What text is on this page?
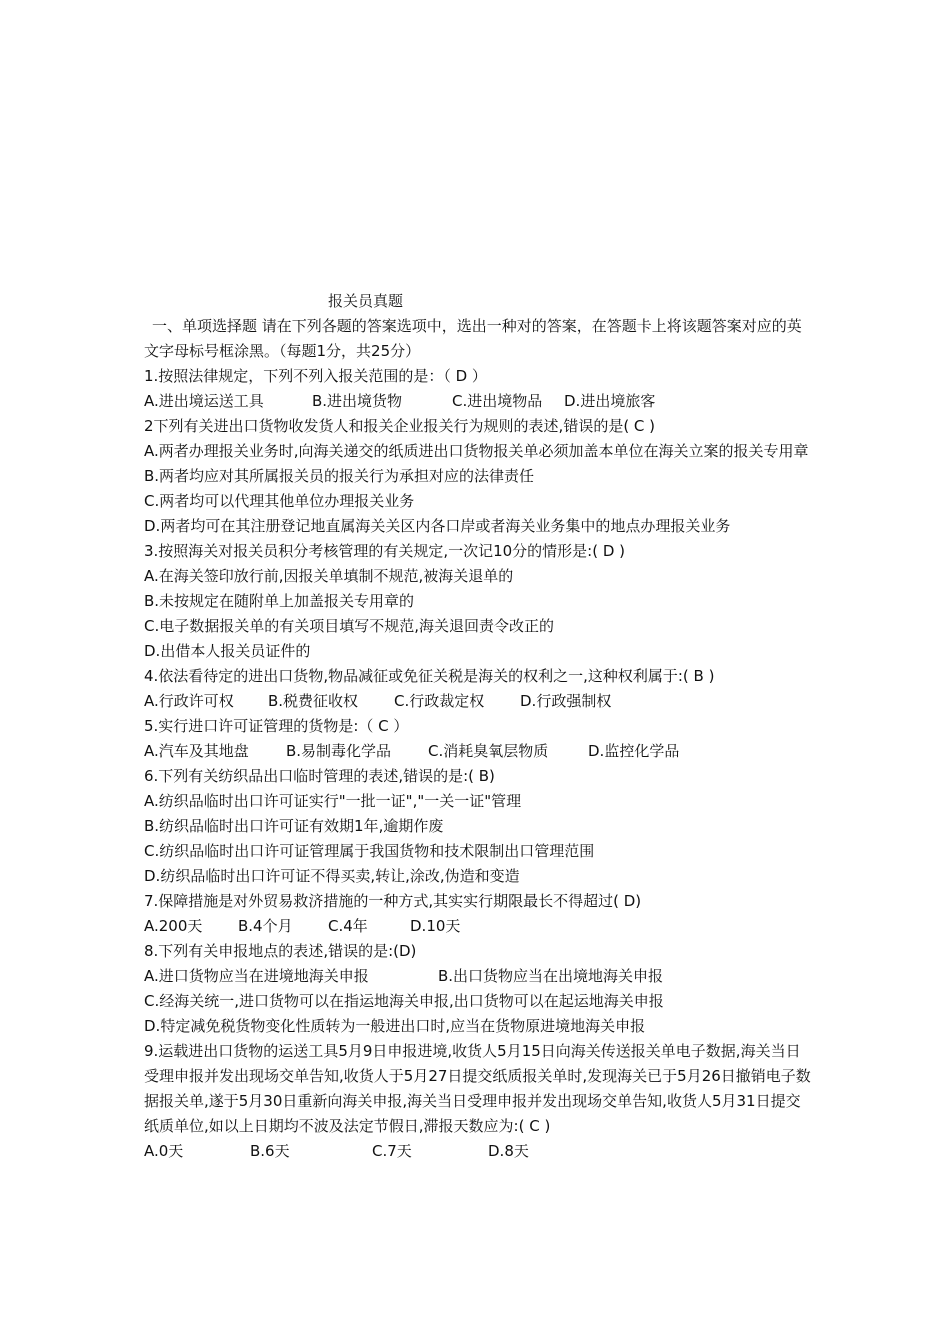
报关员真题

一、单项选择题 请在下列各题的答案选项中，选出一种对的答案，在答题卡上将该题答案对应的英文字母标号框涂黑。（每题1分，共25分）

1.按照法律规定，下列不列入报关范围的是：（ D ）

A.进出境运送工具	B.进出境货物	C.进出境物品	D.进出境旅客

2下列有关进出口货物收发货人和报关企业报关行为规则的表述,错误的是( C )

A.两者办理报关业务时,向海关递交的纸质进出口货物报关单必须加盖本单位在海关立案的报关专用章

B.两者均应对其所属报关员的报关行为承担对应的法律责任

C.两者均可以代理其他单位办理报关业务

D.两者均可在其注册登记地直属海关关区内各口岸或者海关业务集中的地点办理报关业务

3.按照海关对报关员积分考核管理的有关规定,一次记10分的情形是:( D )

A.在海关签印放行前,因报关单填制不规范,被海关退单的

B.未按规定在随附单上加盖报关专用章的

C.电子数据报关单的有关项目填写不规范,海关退回责令改正的

D.出借本人报关员证件的

4.依法看待定的进出口货物,物品减征或免征关税是海关的权利之一,这种权利属于:( B )

A.行政许可权	B.税费征收权	C.行政裁定权	D.行政强制权

5.实行进口许可证管理的货物是:（ C ）

A.汽车及其地盘	B.易制毒化学品	C.消耗臭氧层物质	D.监控化学品

6.下列有关纺织品出口临时管理的表述,错误的是:( B)

A.纺织品临时出口许可证实行"一批一证","一关一证"管理

B.纺织品临时出口许可证有效期1年,逾期作废

C.纺织品临时出口许可证管理属于我国货物和技术限制出口管理范围

D.纺织品临时出口许可证不得买卖,转让,涂改,伪造和变造

7.保障措施是对外贸易救济措施的一种方式,其实实行期限最长不得超过( D)

A.200天	B.4个月	C.4年	D.10天

8.下列有关申报地点的表述,错误的是:(D)

A.进口货物应当在进境地海关申报	B.出口货物应当在出境地海关申报

C.经海关统一,进口货物可以在指运地海关申报,出口货物可以在起运地海关申报

D.特定减免税货物变化性质转为一般进出口时,应当在货物原进境地海关申报

9.运载进出口货物的运送工具5月9日申报进境,收货人5月15日向海关传送报关单电子数据,海关当日受理申报并发出现场交单告知,收货人于5月27日提交纸质报关单时,发现海关已于5月26日撤销电子数据报关单,遂于5月30日重新向海关申报,海关当日受理申报并发出现场交单告知,收货人5月31日提交纸质单位,如以上日期均不波及法定节假日,滞报天数应为:( C )

A.0天	B.6天	C.7天	D.8天
